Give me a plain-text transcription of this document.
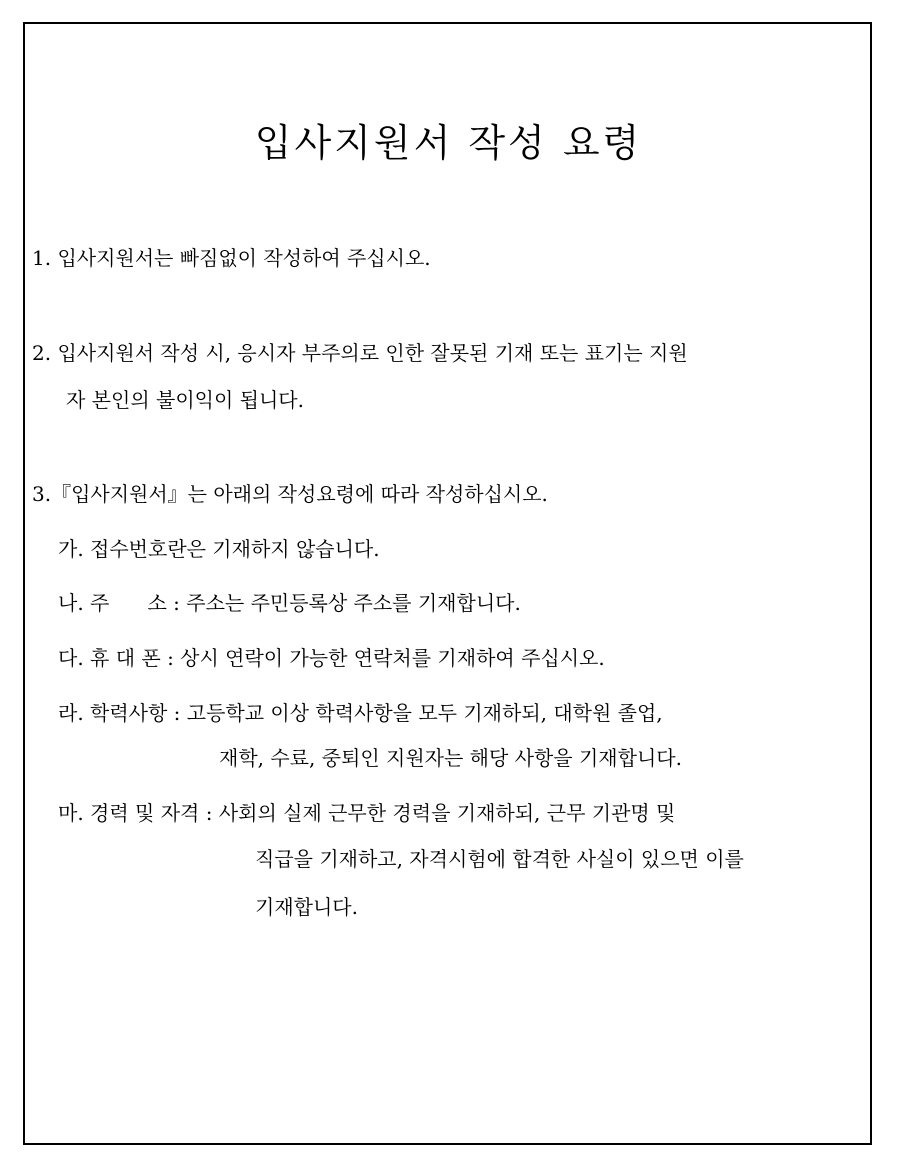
입사지원서 작성 요령
1. 입사지원서는 빠짐없이 작성하여 주십시오.
2. 입사지원서 작성 시, 응시자 부주의로 인한 잘못된 기재 또는 표기는 지원
자 본인의 불이익이 됩니다.
3.『입사지원서』는 아래의 작성요령에 따라 작성하십시오.
가. 접수번호란은 기재하지 않습니다.
나. 주      소 : 주소는 주민등록상 주소를 기재합니다.
다. 휴 대 폰 : 상시 연락이 가능한 연락처를 기재하여 주십시오.
라. 학력사항 : 고등학교 이상 학력사항을 모두 기재하되, 대학원 졸업,
재학, 수료, 중퇴인 지원자는 해당 사항을 기재합니다.
마. 경력 및 자격 : 사회의 실제 근무한 경력을 기재하되, 근무 기관명 및
직급을 기재하고, 자격시험에 합격한 사실이 있으면 이를
기재합니다.
